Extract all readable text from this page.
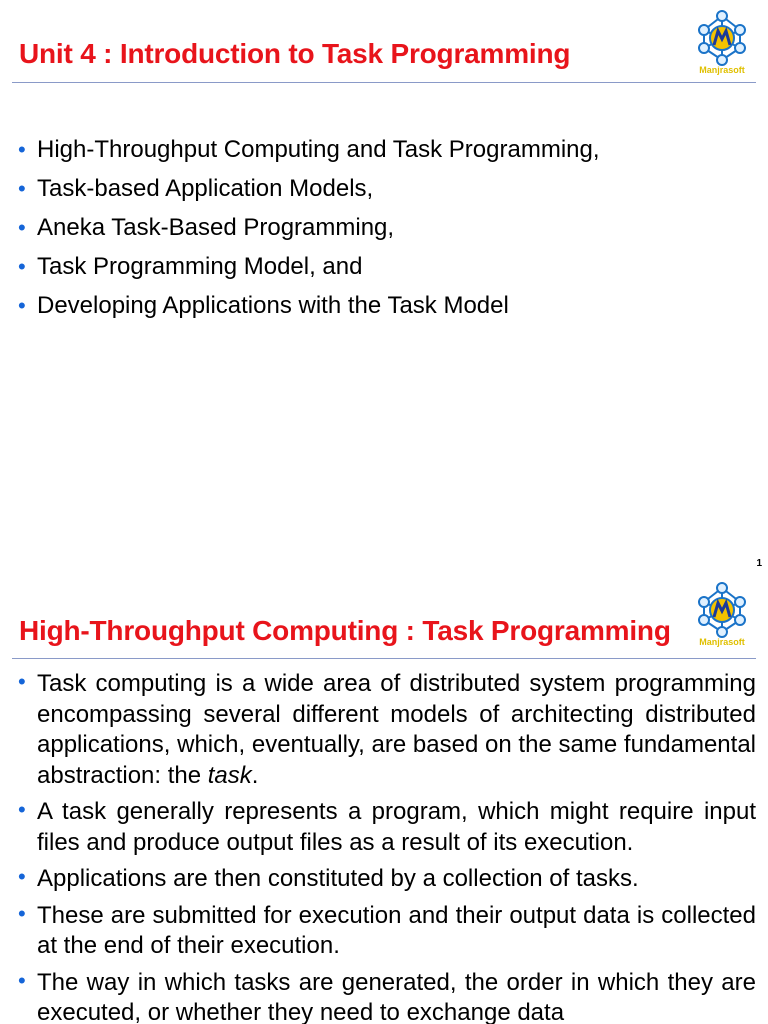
Unit 4 : Introduction to Task Programming
Manjrasoft
• High-Throughput Computing and Task Programming,
• Task-based Application Models,
• Aneka Task-Based Programming,
• Task Programming Model, and
• Developing Applications with the Task Model
1
Manjrasoft
High-Throughput Computing : Task Programming
• Task computing is a wide area of distributed system programming encompassing several different models of architecting distributed applications, which, eventually, are based on the same fundamental abstraction: the task.
• A task generally represents a program, which might require input files and produce output files as a result of its execution.
• Applications are then constituted by a collection of tasks.
• These are submitted for execution and their output data is collected at the end of their execution.
• The way in which tasks are generated, the order in which they are executed, or whether they need to exchange data
